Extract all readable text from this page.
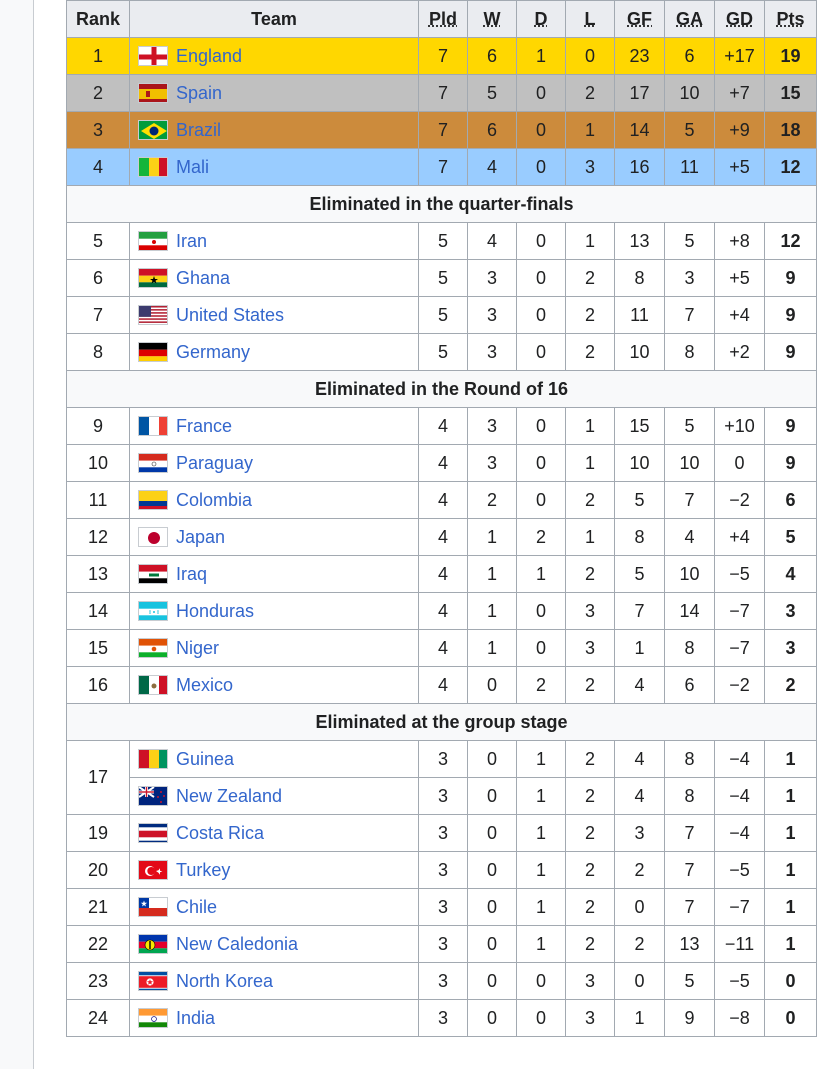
Rank	Team	Pld	W	D	L	GF	GA	GD	Pts
1	England	7	6	1	0	23	6	+17	19
2	Spain	7	5	0	2	17	10	+7	15
3	Brazil	7	6	0	1	14	5	+9	18
4	Mali	7	4	0	3	16	11	+5	12
Eliminated in the quarter-finals									
5	Iran	5	4	0	1	13	5	+8	12
6	Ghana	5	3	0	2	8	3	+5	9
7	United States	5	3	0	2	11	7	+4	9
8	Germany	5	3	0	2	10	8	+2	9
Eliminated in the Round of 16									
9	France	4	3	0	1	15	5	+10	9
10	Paraguay	4	3	0	1	10	10	0	9
11	Colombia	4	2	0	2	5	7	−2	6
12	Japan	4	1	2	1	8	4	+4	5
13	Iraq	4	1	1	2	5	10	−5	4
14	Honduras	4	1	0	3	7	14	−7	3
15	Niger	4	1	0	3	1	8	−7	3
16	Mexico	4	0	2	2	4	6	−2	2
Eliminated at the group stage									
17	Guinea	3	0	1	2	4	8	−4	1
	New Zealand	3	0	1	2	4	8	−4	1
19	Costa Rica	3	0	1	2	3	7	−4	1
20	Turkey	3	0	1	2	2	7	−5	1
21	Chile	3	0	1	2	0	7	−7	1
22	New Caledonia	3	0	1	2	2	13	−11	1
23	North Korea	3	0	0	3	0	5	−5	0
24	India	3	0	0	3	1	9	−8	0
